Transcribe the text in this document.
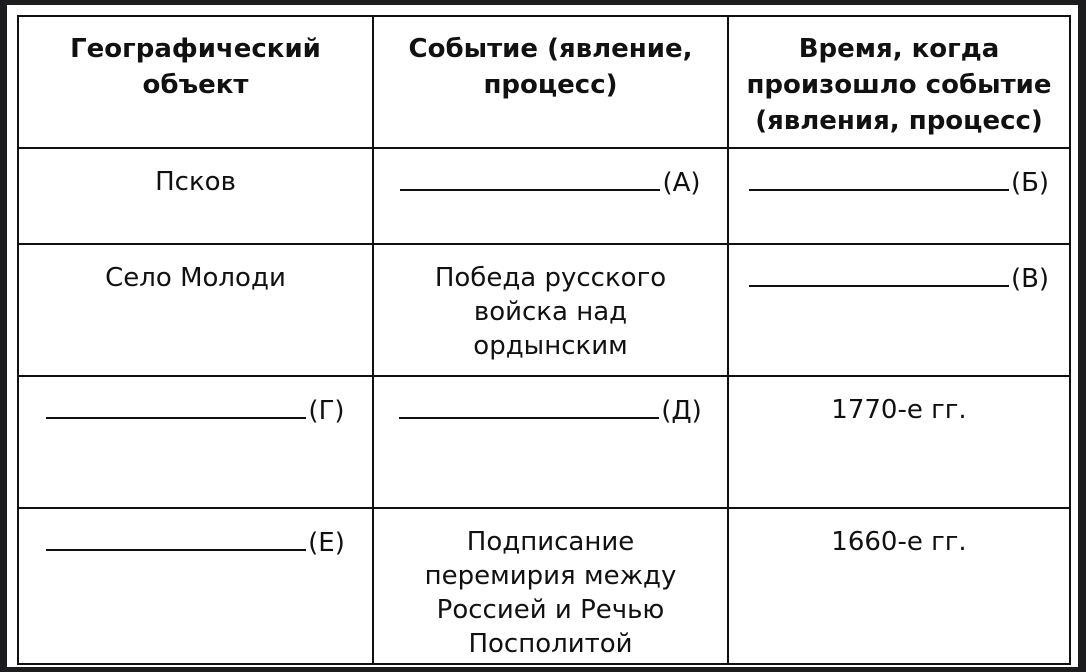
Географический объект	Событие (явление, процесс)	Время, когда произошло событие (явления, процесс)
Псков	(А)	(Б)
Село Молоди	Победа русского войска над ордынским	(В)
(Г)	(Д)	1770-е гг.
(Е)	Подписание перемирия между Россией и Речью Посполитой	1660-е гг.
